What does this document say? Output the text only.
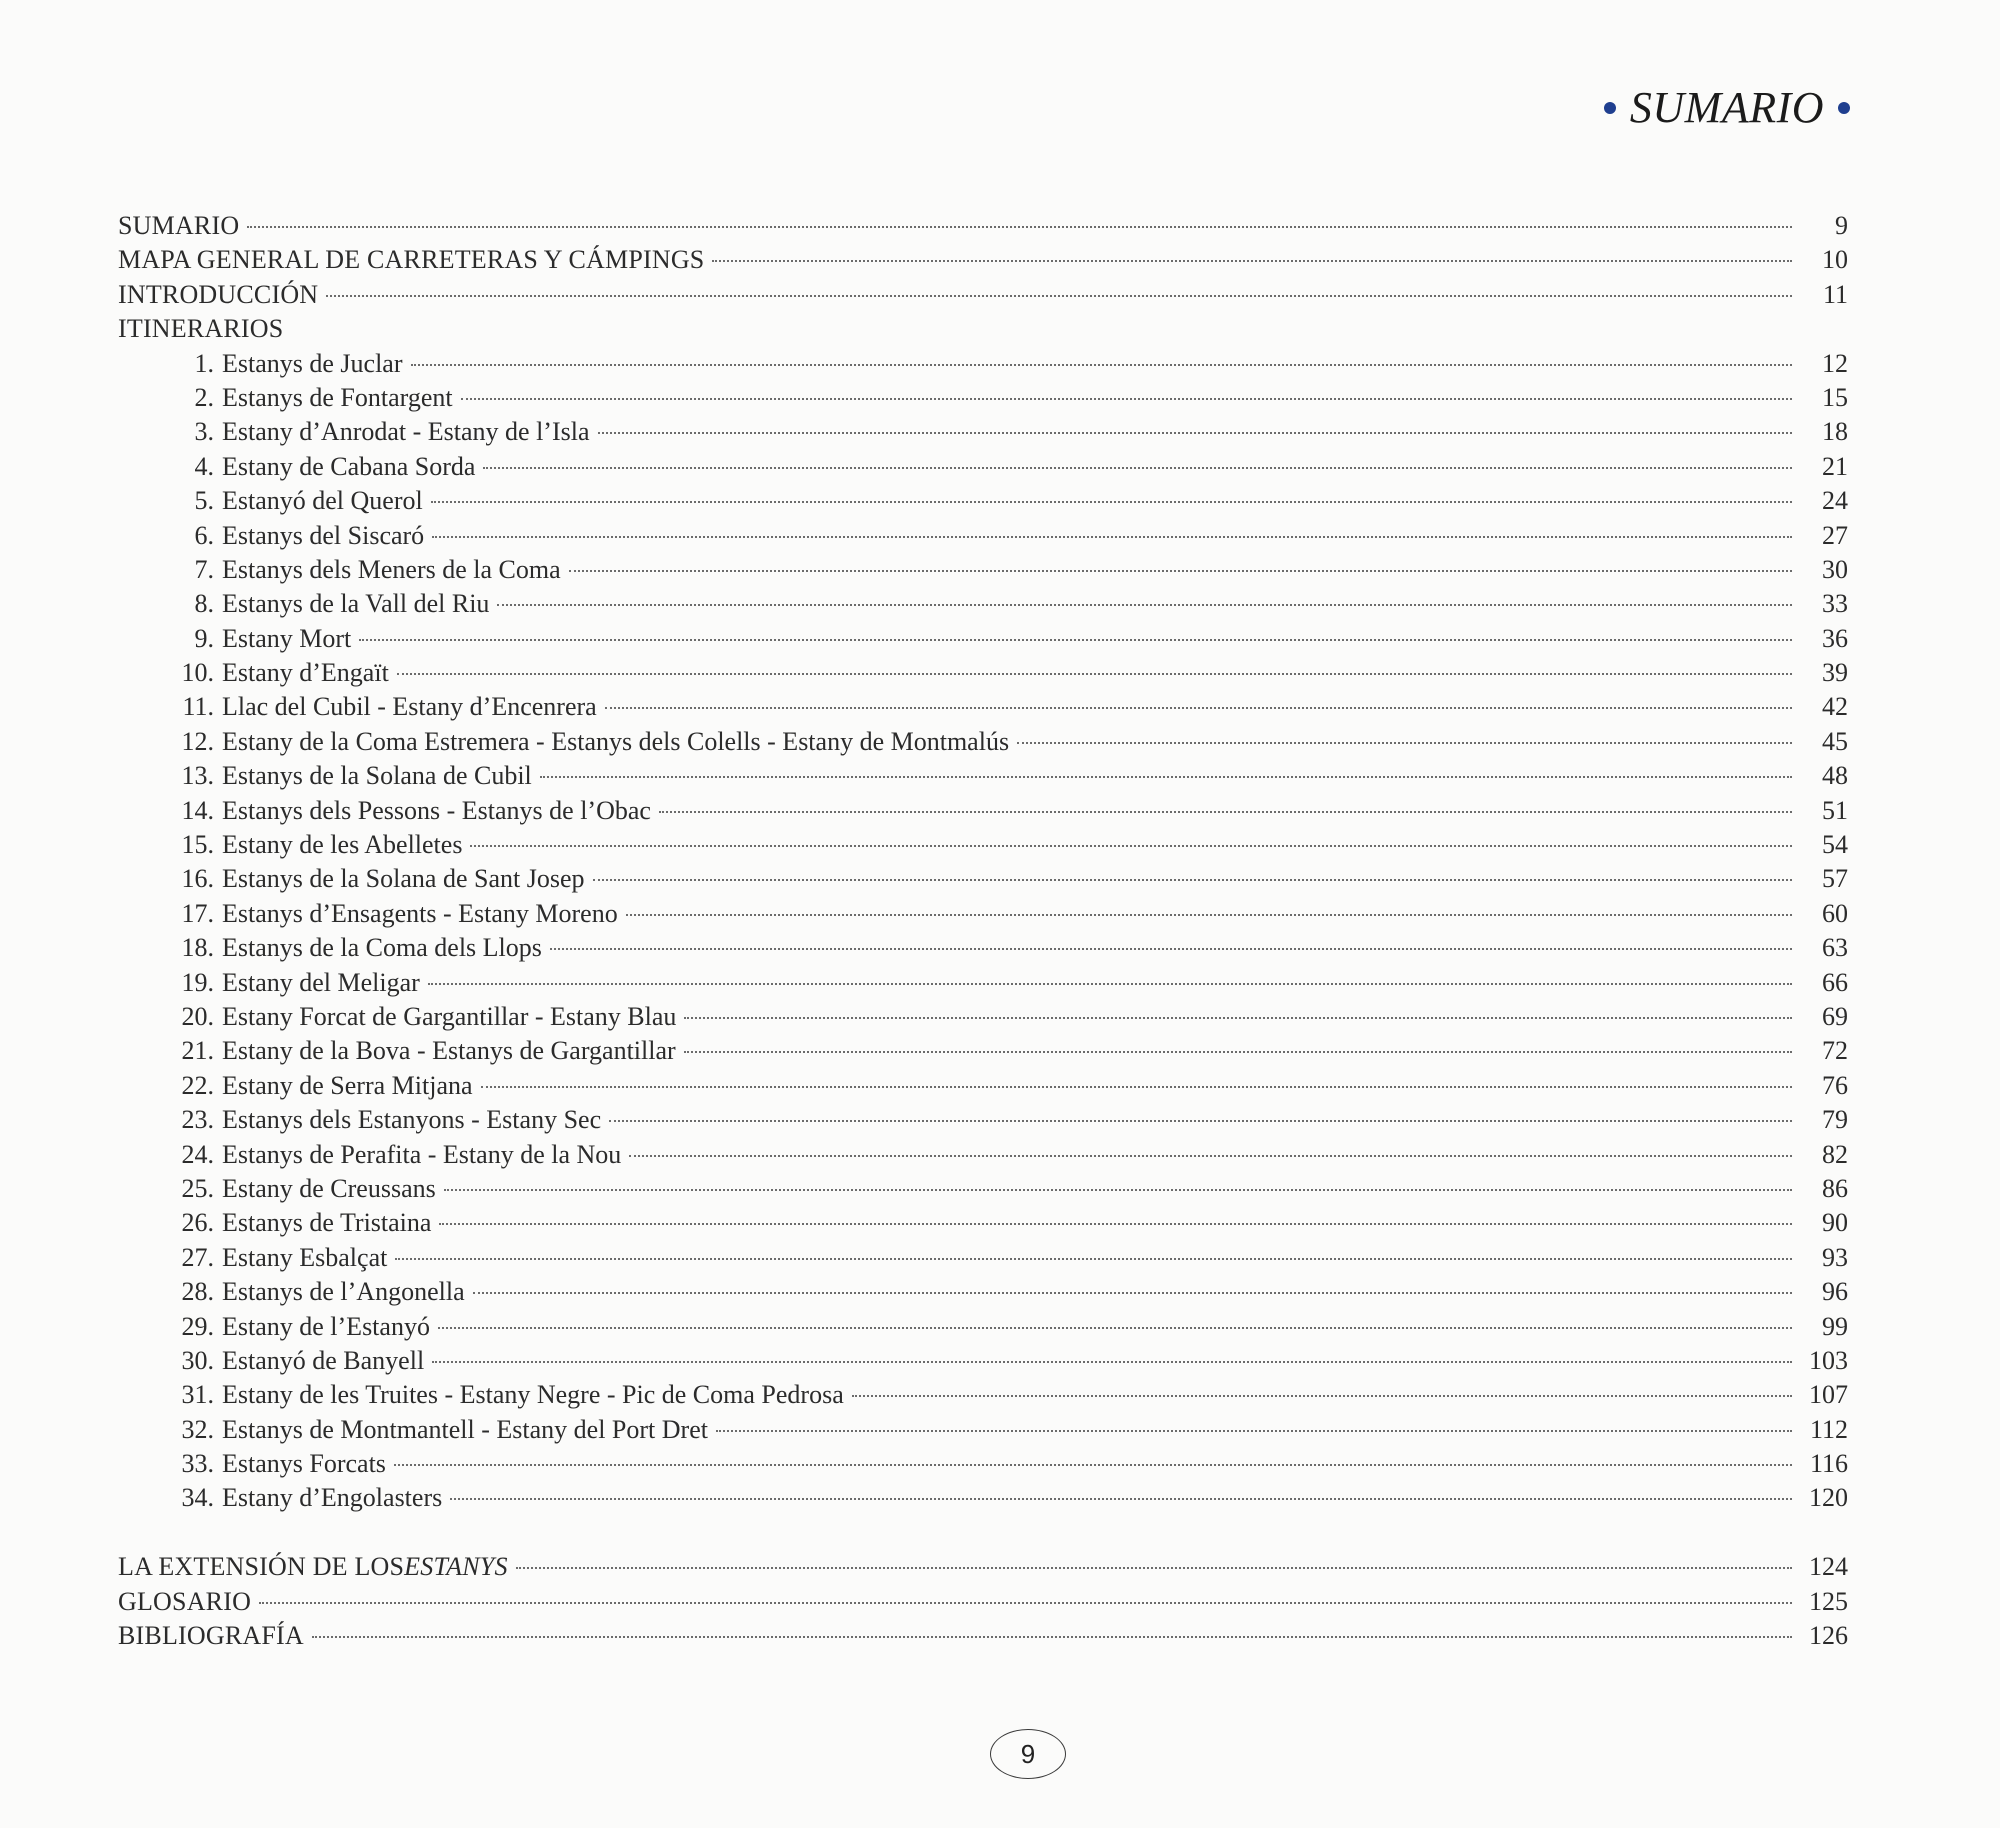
SUMARIO
SUMARIO	9
MAPA GENERAL DE CARRETERAS Y CÁMPINGS	10
INTRODUCCIÓN	11
ITINERARIOS
1. Estanys de Juclar	12
2. Estanys de Fontargent	15
3. Estany d’Anrodat - Estany de l’Isla	18
4. Estany de Cabana Sorda	21
5. Estanyó del Querol	24
6. Estanys del Siscaró	27
7. Estanys dels Meners de la Coma	30
8. Estanys de la Vall del Riu	33
9. Estany Mort	36
10. Estany d’Engaït	39
11. Llac del Cubil - Estany d’Encenrera	42
12. Estany de la Coma Estremera - Estanys dels Colells - Estany de Montmalús	45
13. Estanys de la Solana de Cubil	48
14. Estanys dels Pessons - Estanys de l’Obac	51
15. Estany de les Abelletes	54
16. Estanys de la Solana de Sant Josep	57
17. Estanys d’Ensagents - Estany Moreno	60
18. Estanys de la Coma dels Llops	63
19. Estany del Meligar	66
20. Estany Forcat de Gargantillar - Estany Blau	69
21. Estany de la Bova - Estanys de Gargantillar	72
22. Estany de Serra Mitjana	76
23. Estanys dels Estanyons - Estany Sec	79
24. Estanys de Perafita - Estany de la Nou	82
25. Estany de Creussans	86
26. Estanys de Tristaina	90
27. Estany Esbalçat	93
28. Estanys de l’Angonella	96
29. Estany de l’Estanyó	99
30. Estanyó de Banyell	103
31. Estany de les Truites - Estany Negre - Pic de Coma Pedrosa	107
32. Estanys de Montmantell - Estany del Port Dret	112
33. Estanys Forcats	116
34. Estany d’Engolasters	120
LA EXTENSIÓN DE LOSESTANYS	124
GLOSARIO	125
BIBLIOGRAFÍA	126
9
